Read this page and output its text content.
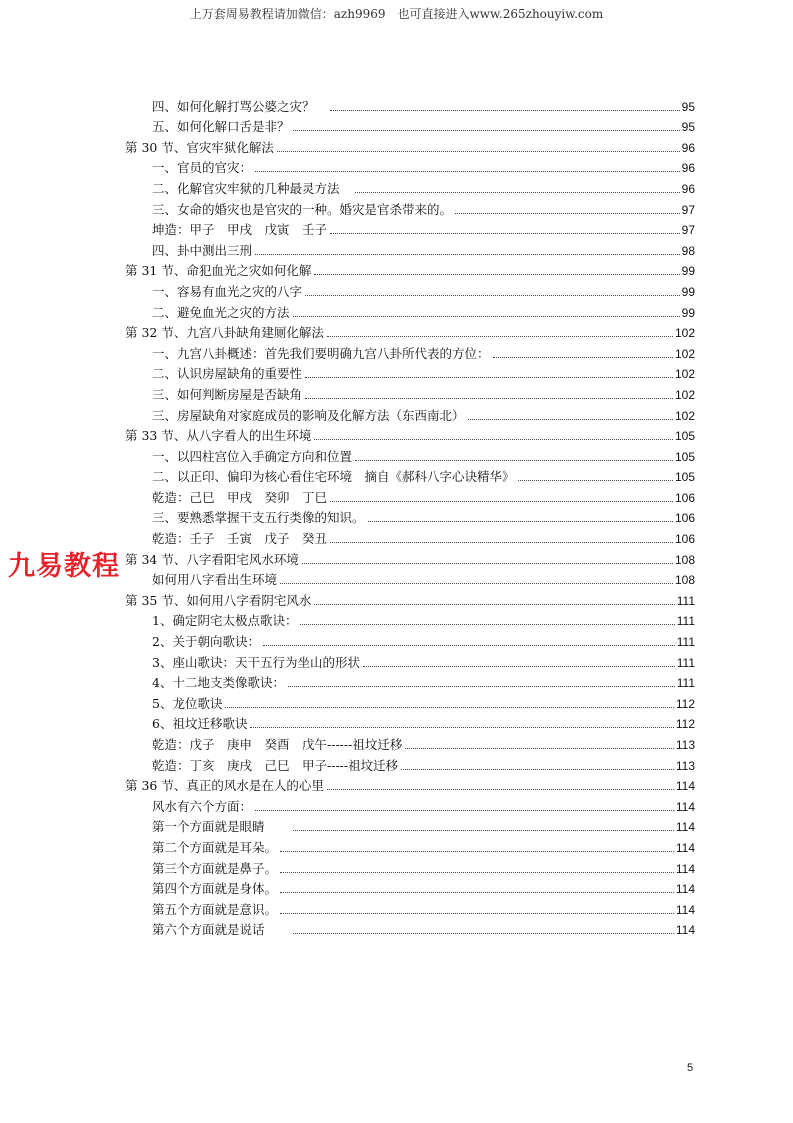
上万套周易教程请加微信：azh9969　也可直接进入www.265zhouyiw.com
四、如何化解打骂公婆之灾？　	95
五、如何化解口舌是非？	95
第 30 节、官灾牢狱化解法	96
一、官员的官灾：	96
二、化解官灾牢狱的几种最灵方法　	96
三、女命的婚灾也是官灾的一种。婚灾是官杀带来的。	97
坤造：甲子　甲戌　戊寅　壬子	97
四、卦中测出三刑	98
第 31 节、命犯血光之灾如何化解	99
一、容易有血光之灾的八字	99
二、避免血光之灾的方法	99
第 32 节、九宫八卦缺角建厕化解法	102
一、九宫八卦概述：首先我们要明确九宫八卦所代表的方位：	102
二、认识房屋缺角的重要性	102
三、如何判断房屋是否缺角	102
三、房屋缺角对家庭成员的影响及化解方法（东西南北）	102
第 33 节、从八字看人的出生环境	105
一、以四柱宫位入手确定方向和位置	105
二、以正印、偏印为核心看住宅环境　摘自《郝科八字心诀精华》	105
乾造：己巳　甲戌　癸卯　丁巳	106
三、要熟悉掌握干支五行类像的知识。	106
乾造：壬子　壬寅　戊子　癸丑	106
第 34 节、八字看阳宅风水环境	108
如何用八字看出生环境	108
第 35 节、如何用八字看阴宅风水	111
1、确定阴宅太极点歌诀：	111
2、关于朝向歌诀：	111
3、座山歌诀：天干五行为坐山的形状	111
4、十二地支类像歌诀：	111
5、龙位歌诀	112
6、祖坟迁移歌诀	112
乾造：戊子　庚申　癸酉　戊午------祖坟迁移	113
乾造：丁亥　庚戌　己巳　甲子-----祖坟迁移	113
第 36 节、真正的风水是在人的心里	114
风水有六个方面：	114
第一个方面就是眼睛　　	114
第二个方面就是耳朵。	114
第三个方面就是鼻子。	114
第四个方面就是身体。	114
第五个方面就是意识。	114
第六个方面就是说话　　	114
九易教程
5
